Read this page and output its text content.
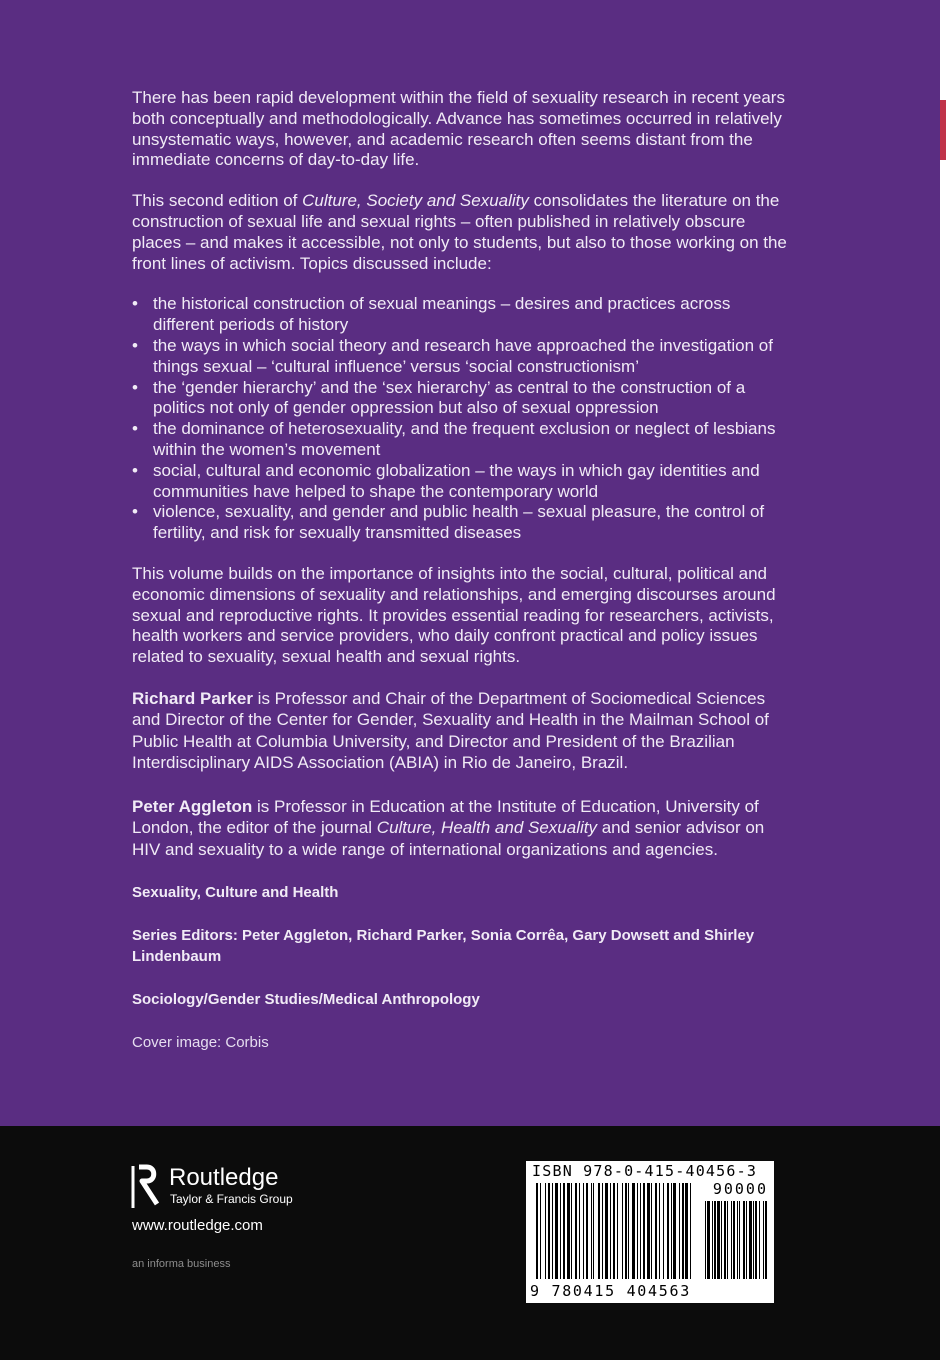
There has been rapid development within the field of sexuality research in recent years both conceptually and methodologically. Advance has sometimes occurred in relatively unsystematic ways, however, and academic research often seems distant from the immediate concerns of day-to-day life.

This second edition of Culture, Society and Sexuality consolidates the literature on the construction of sexual life and sexual rights – often published in relatively obscure places – and makes it accessible, not only to students, but also to those working on the front lines of activism. Topics discussed include:

• the historical construction of sexual meanings – desires and practices across different periods of history
• the ways in which social theory and research have approached the investigation of things sexual – ‘cultural influence’ versus ‘social constructionism’
• the ‘gender hierarchy’ and the ‘sex hierarchy’ as central to the construction of a politics not only of gender oppression but also of sexual oppression
• the dominance of heterosexuality, and the frequent exclusion or neglect of lesbians within the women’s movement
• social, cultural and economic globalization – the ways in which gay identities and communities have helped to shape the contemporary world
• violence, sexuality, and gender and public health – sexual pleasure, the control of fertility, and risk for sexually transmitted diseases

This volume builds on the importance of insights into the social, cultural, political and economic dimensions of sexuality and relationships, and emerging discourses around sexual and reproductive rights. It provides essential reading for researchers, activists, health workers and service providers, who daily confront practical and policy issues related to sexuality, sexual health and sexual rights.

Richard Parker is Professor and Chair of the Department of Sociomedical Sciences and Director of the Center for Gender, Sexuality and Health in the Mailman School of Public Health at Columbia University, and Director and President of the Brazilian Interdisciplinary AIDS Association (ABIA) in Rio de Janeiro, Brazil.

Peter Aggleton is Professor in Education at the Institute of Education, University of London, the editor of the journal Culture, Health and Sexuality and senior advisor on HIV and sexuality to a wide range of international organizations and agencies.

Sexuality, Culture and Health

Series Editors: Peter Aggleton, Richard Parker, Sonia Corrêa, Gary Dowsett and Shirley Lindenbaum

Sociology/Gender Studies/Medical Anthropology

Cover image: Corbis

Routledge
Taylor & Francis Group
www.routledge.com
an informa business
ISBN 978-0-415-40456-3
90000
9 780415 404563
